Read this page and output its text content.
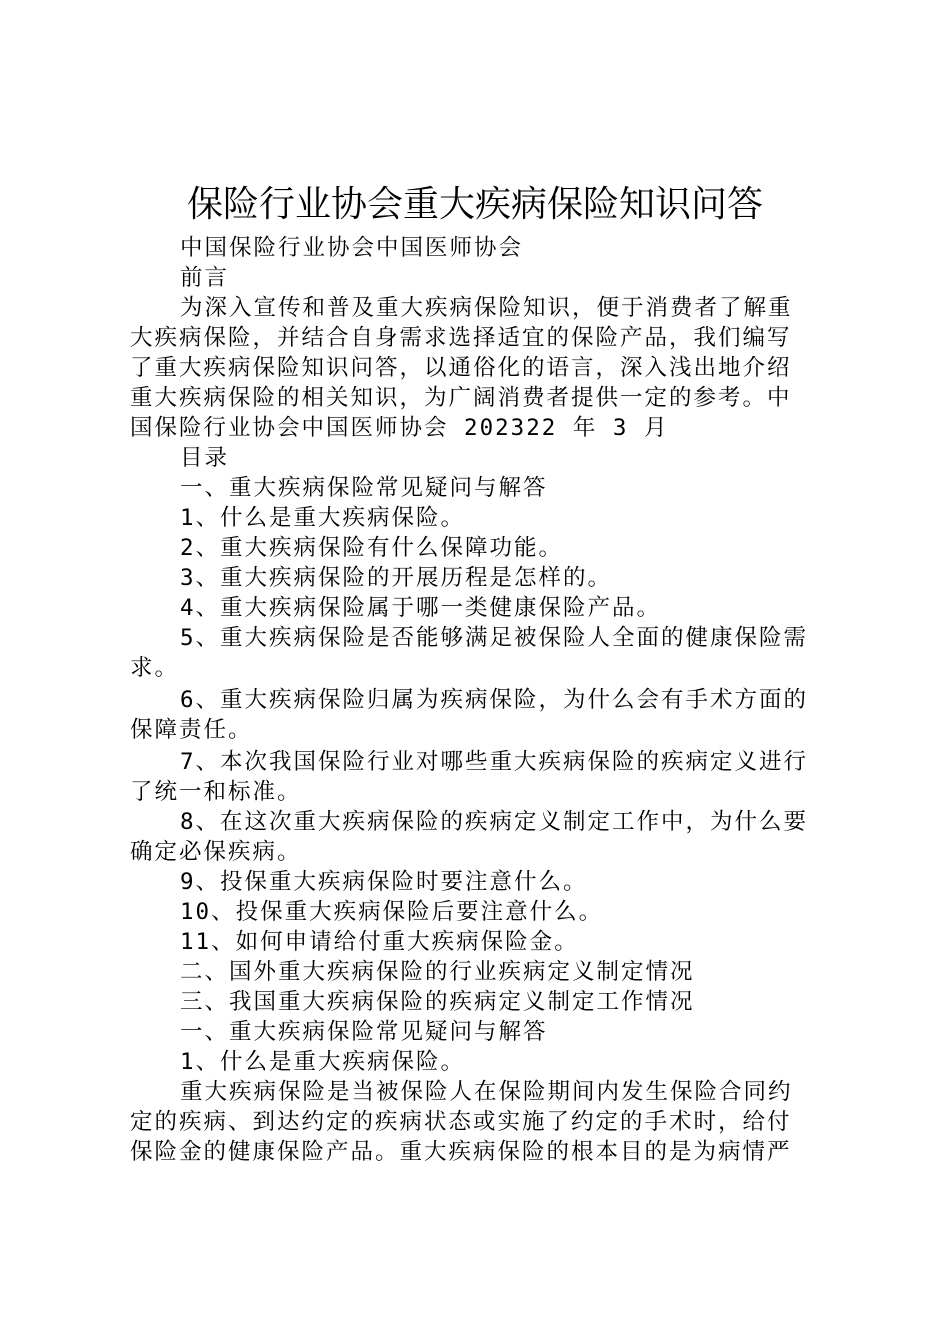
保险行业协会重大疾病保险知识问答
中国保险行业协会中国医师协会
前言
为深入宣传和普及重大疾病保险知识，便于消费者了解重
大疾病保险，并结合自身需求选择适宜的保险产品，我们编写
了重大疾病保险知识问答，以通俗化的语言，深入浅出地介绍
重大疾病保险的相关知识，为广阔消费者提供一定的参考。中
国保险行业协会中国医师协会 202322 年 3 月
目录
一、重大疾病保险常见疑问与解答
1、什么是重大疾病保险。
2、重大疾病保险有什么保障功能。
3、重大疾病保险的开展历程是怎样的。
4、重大疾病保险属于哪一类健康保险产品。
5、重大疾病保险是否能够满足被保险人全面的健康保险需
求。
6、重大疾病保险归属为疾病保险，为什么会有手术方面的
保障责任。
7、本次我国保险行业对哪些重大疾病保险的疾病定义进行
了统一和标准。
8、在这次重大疾病保险的疾病定义制定工作中，为什么要
确定必保疾病。
9、投保重大疾病保险时要注意什么。
10、投保重大疾病保险后要注意什么。
11、如何申请给付重大疾病保险金。
二、国外重大疾病保险的行业疾病定义制定情况
三、我国重大疾病保险的疾病定义制定工作情况
一、重大疾病保险常见疑问与解答
1、什么是重大疾病保险。
重大疾病保险是当被保险人在保险期间内发生保险合同约
定的疾病、到达约定的疾病状态或实施了约定的手术时，给付
保险金的健康保险产品。重大疾病保险的根本目的是为病情严
